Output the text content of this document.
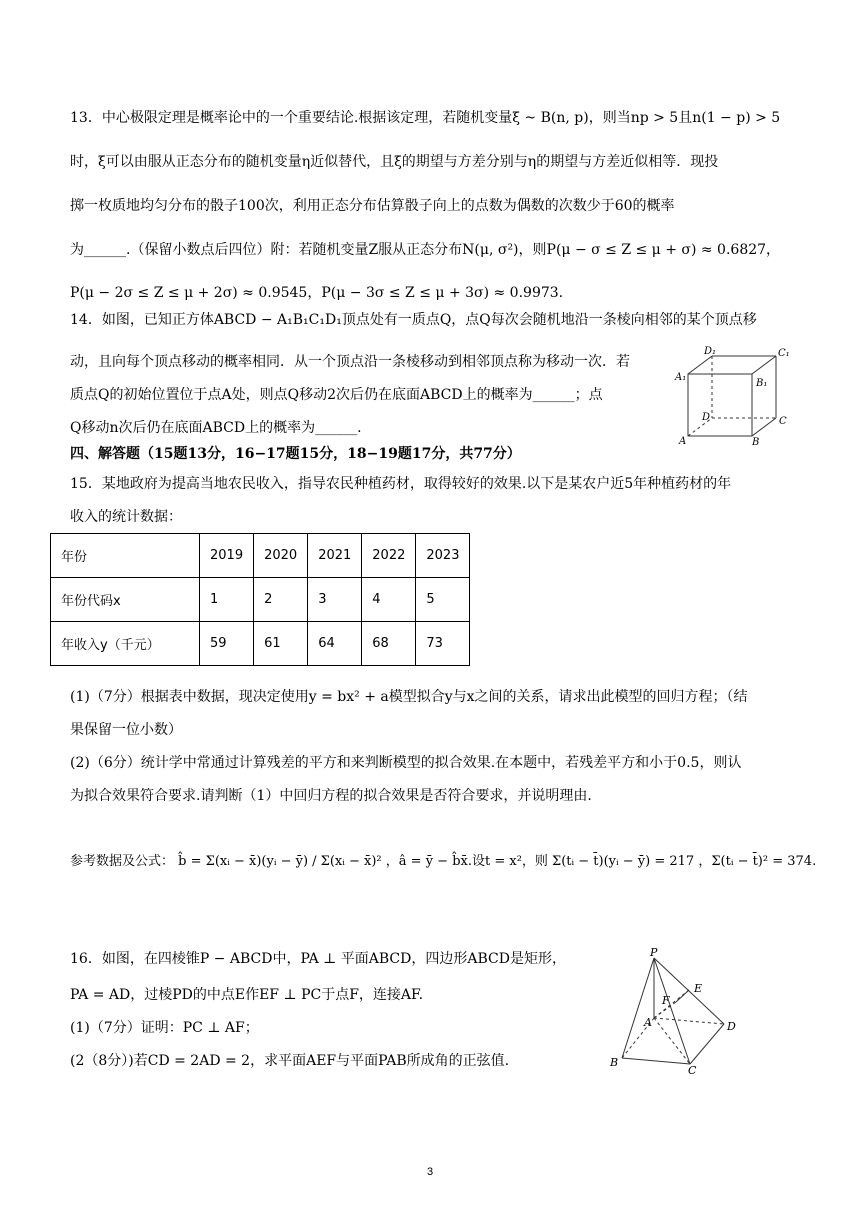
13．中心极限定理是概率论中的一个重要结论.根据该定理，若随机变量ξ ~ B(n, p)，则当np > 5且n(1 − p) > 5
时，ξ可以由服从正态分布的随机变量η近似替代，且ξ的期望与方差分别与η的期望与方差近似相等．现投
掷一枚质地均匀分布的骰子100次，利用正态分布估算骰子向上的点数为偶数的次数少于60的概率
为______.（保留小数点后四位）附：若随机变量Z服从正态分布N(μ, σ²)，则P(μ − σ ≤ Z ≤ μ + σ) ≈ 0.6827，
P(μ − 2σ ≤ Z ≤ μ + 2σ) ≈ 0.9545，P(μ − 3σ ≤ Z ≤ μ + 3σ) ≈ 0.9973.
14．如图，已知正方体ABCD − A₁B₁C₁D₁顶点处有一质点Q，点Q每次会随机地沿一条棱向相邻的某个顶点移
动，且向每个顶点移动的概率相同．从一个顶点沿一条棱移动到相邻顶点称为移动一次．若
质点Q的初始位置位于点A处，则点Q移动2次后仍在底面ABCD上的概率为______；点
Q移动n次后仍在底面ABCD上的概率为______.
D₁	C₁
A₁
B₁
D	C
A	B
四、解答题（15题13分，16−17题15分，18−19题17分，共77分）
15．某地政府为提高当地农民收入，指导农民种植药材，取得较好的效果.以下是某农户近5年种植药材的年
收入的统计数据：
年份	2019	2020	2021	2022	2023
年份代码x	1	2	3	4	5
年收入y（千元）	59	61	64	68	73
(1)（7分）根据表中数据，现决定使用y = bx² + a模型拟合y与x之间的关系，请求出此模型的回归方程；（结
果保留一位小数）
(2)（6分）统计学中常通过计算残差的平方和来判断模型的拟合效果.在本题中，若残差平方和小于0.5，则认
为拟合效果符合要求.请判断（1）中回归方程的拟合效果是否符合要求，并说明理由.
参考数据及公式： b̂ = Σ(xᵢ − x̄)(yᵢ − ȳ) / Σ(xᵢ − x̄)² ，â = ȳ − b̂x̄.设t = x²，则 Σ(tᵢ − t̄)(yᵢ − ȳ) = 217 ，Σ(tᵢ − t̄)² = 374.
16．如图，在四棱锥P − ABCD中，PA ⊥ 平面ABCD，四边形ABCD是矩形，
PA = AD，过棱PD的中点E作EF ⊥ PC于点F，连接AF.
(1)（7分）证明：PC ⊥ AF；
(2（8分）)若CD = 2AD = 2，求平面AEF与平面PAB所成角的正弦值.
P
E
F
A	D
B
C
3
